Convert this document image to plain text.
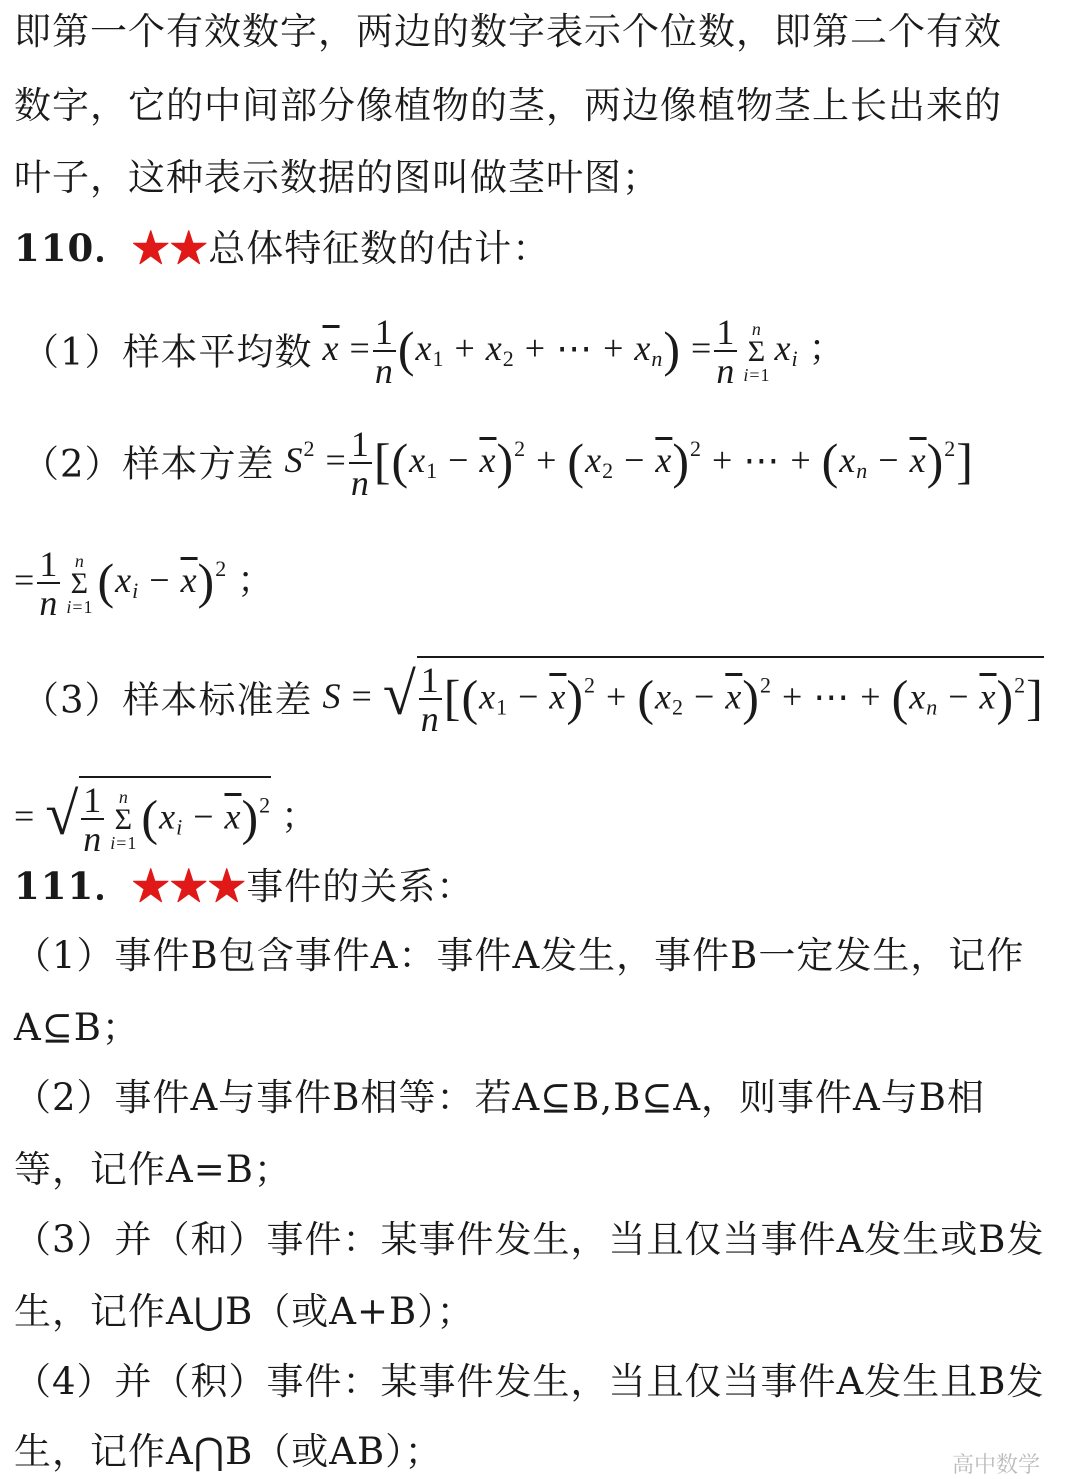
即第一个有效数字，两边的数字表示个位数，即第二个有效
数字，它的中间部分像植物的茎，两边像植物茎上长出来的
叶子，这种表示数据的图叫做茎叶图；
110．★★总体特征数的估计：
（1）样本平均数 $\overline{x} = \frac{1}{n} (x_1 + x_2$ + ⋯ + $xn) = \frac{1}{n}$ n
Σ
i=1
xi ；
（2）样本方差 $S^2 = \frac{1}{n} [(x_1 - \overline{x})^2 + (x_2 - \overline{x})^2$ + ⋯ + $(xn - \overline{x})^2$]
= $\frac{1}{n}$ n
Σ
i=1 $(xi - \overline{x})^2$ ；
（3）样本标准差 S = √ $\frac{1}{n} [(x_1 - \overline{x})^2 + (x_2 - \overline{x})^2$ + ⋯ + $(xn - \overline{x})^2$]
= √ $\frac{1}{n}$ n
Σ
i=1 $(xi - \overline{x})^2$ ；
111．★★★事件的关系：
（1）事件B包含事件A：事件A发生，事件B一定发生，记作
A⊆B；
（2）事件A与事件B相等：若A⊆B,B⊆A，则事件A与B相
等，记作A=B；
（3）并（和）事件：某事件发生，当且仅当事件A发生或B发
生，记作A⋃B（或A+B）；
（4）并（积）事件：某事件发生，当且仅当事件A发生且B发
生，记作A⋂B（或AB）；	高中数学
